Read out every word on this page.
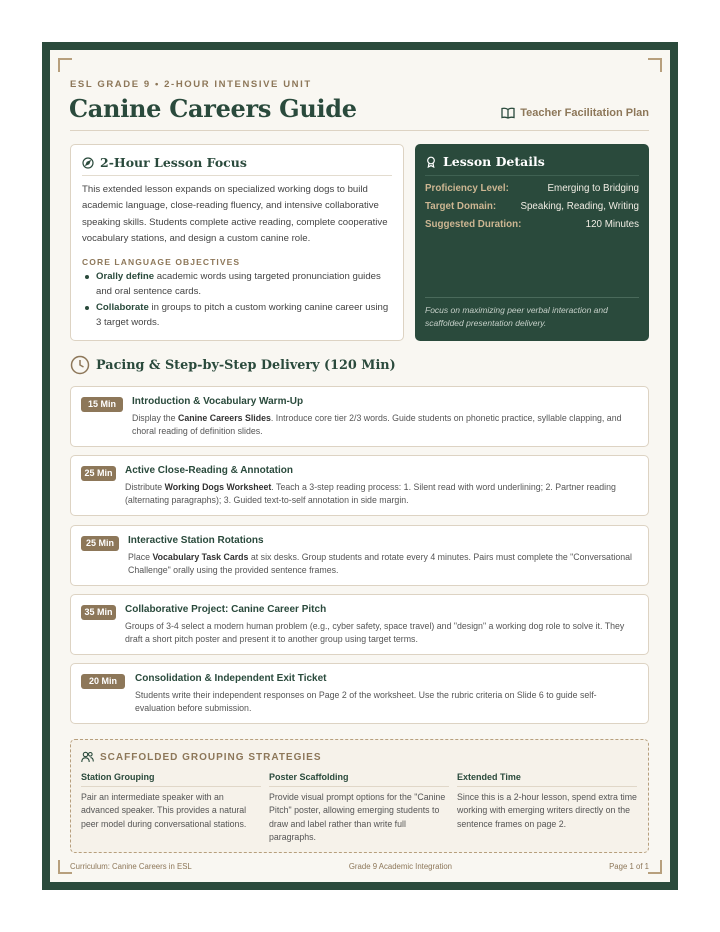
ESL GRADE 9 • 2-HOUR INTENSIVE UNIT
Canine Careers Guide	Teacher Facilitation Plan
2-Hour Lesson Focus

This extended lesson expands on specialized working dogs to build academic language, close-reading fluency, and intensive collaborative speaking skills. Students complete active reading, complete cooperative vocabulary stations, and design a custom canine role.

CORE LANGUAGE OBJECTIVES
Orally define academic words using targeted pronunciation guides and oral sentence cards.
Collaborate in groups to pitch a custom working canine career using 3 target words.
Lesson Details
Proficiency Level:	Emerging to Bridging
Target Domain: Speaking, Reading, Writing
Suggested Duration:	120 Minutes
Focus on maximizing peer verbal interaction and scaffolded presentation delivery.
Pacing & Step-by-Step Delivery (120 Min)
15 Min	Introduction & Vocabulary Warm-Up
Display the Canine Careers Slides. Introduce core tier 2/3 words. Guide students on phonetic practice, syllable clapping, and choral reading of definition slides.
25 Min	Active Close-Reading & Annotation
Distribute Working Dogs Worksheet. Teach a 3-step reading process: 1. Silent read with word underlining; 2. Partner reading (alternating paragraphs); 3. Guided text-to-self annotation in side margin.
25 Min	Interactive Station Rotations
Place Vocabulary Task Cards at six desks. Group students and rotate every 4 minutes. Pairs must complete the "Conversational Challenge" orally using the provided sentence frames.
35 Min	Collaborative Project: Canine Career Pitch
Groups of 3-4 select a modern human problem (e.g., cyber safety, space travel) and "design" a working dog role to solve it. They draft a short pitch poster and present it to another group using target terms.
20 Min	Consolidation & Independent Exit Ticket
Students write their independent responses on Page 2 of the worksheet. Use the rubric criteria on Slide 6 to guide self-evaluation before submission.
SCAFFOLDED GROUPING STRATEGIES
Station Grouping

Pair an intermediate speaker with an advanced speaker. This provides a natural peer model during conversational stations.

Poster Scaffolding

Provide visual prompt options for the "Canine Pitch" poster, allowing emerging students to draw and label rather than write full paragraphs.

Extended Time

Since this is a 2-hour lesson, spend extra time working with emerging writers directly on the sentence frames on page 2.

Curriculum: Canine Careers in ESL	Grade 9 Academic Integration	Page 1 of 1
